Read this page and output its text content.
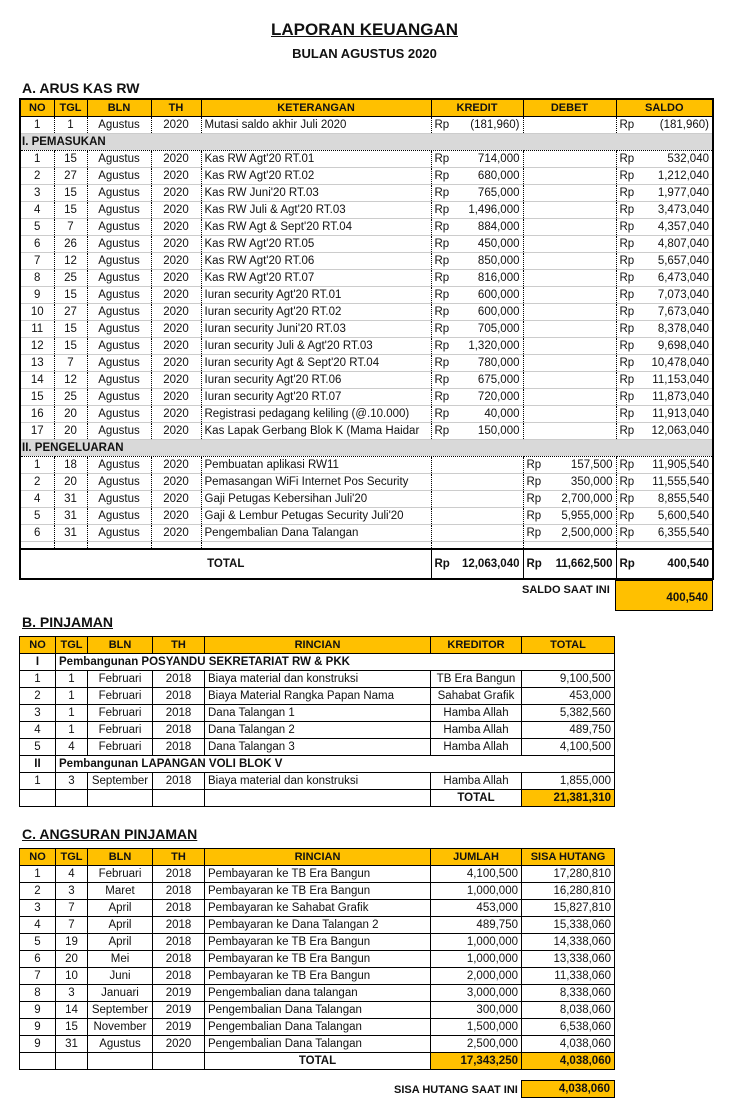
LAPORAN KEUANGAN
BULAN AGUSTUS 2020
A. ARUS KAS RW
NO	TGL	BLN	TH	KETERANGAN	KREDIT	DEBET	SALDO
1	1	Agustus	2020	Mutasi saldo akhir Juli 2020	Rp (181,960)		Rp (181,960)

I. PEMASUKAN							
1	15	Agustus	2020	Kas RW Agt'20 RT.01	Rp 714,000		Rp 532,040

2	27	Agustus	2020	Kas RW Agt'20 RT.02	Rp 680,000		Rp 1,212,040

3	15	Agustus	2020	Kas RW Juni'20 RT.03	Rp 765,000		Rp 1,977,040

4	15	Agustus	2020	Kas RW Juli & Agt'20 RT.03	Rp 1,496,000		Rp 3,473,040

5	7	Agustus	2020	Kas RW Agt & Sept'20 RT.04	Rp 884,000		Rp 4,357,040

6	26	Agustus	2020	Kas RW Agt'20 RT.05	Rp 450,000		Rp 4,807,040

7	12	Agustus	2020	Kas RW Agt'20 RT.06	Rp 850,000		Rp 5,657,040

8	25	Agustus	2020	Kas RW Agt'20 RT.07	Rp 816,000		Rp 6,473,040

9	15	Agustus	2020	Iuran security Agt'20 RT.01	Rp 600,000		Rp 7,073,040

10	27	Agustus	2020	Iuran security Agt'20 RT.02	Rp 600,000		Rp 7,673,040

11	15	Agustus	2020	Iuran security Juni'20 RT.03	Rp 705,000		Rp 8,378,040

12	15	Agustus	2020	Iuran security Juli & Agt'20 RT.03	Rp 1,320,000		Rp 9,698,040

13	7	Agustus	2020	Iuran security Agt & Sept'20 RT.04	Rp 780,000		Rp 10,478,040

14	12	Agustus	2020	Iuran security Agt'20 RT.06	Rp 675,000		Rp 11,153,040

15	25	Agustus	2020	Iuran security Agt'20 RT.07	Rp 720,000		Rp 11,873,040

16	20	Agustus	2020	Registrasi pedagang keliling (@.10.000)	Rp 40,000		Rp 11,913,040

17	20	Agustus	2020	Kas Lapak Gerbang Blok K (Mama Haidar	Rp 150,000		Rp 12,063,040

II. PENGELUARAN							
1	18	Agustus	2020	Pembuatan aplikasi RW11		Rp 157,500	Rp 11,905,540

2	20	Agustus	2020	Pemasangan WiFi Internet Pos Security		Rp 350,000	Rp 11,555,540

4	31	Agustus	2020	Gaji Petugas Kebersihan Juli'20		Rp 2,700,000	Rp 8,855,540

5	31	Agustus	2020	Gaji & Lembur Petugas Security Juli'20		Rp 5,955,000	Rp 5,600,540

6	31	Agustus	2020	Pengembalian Dana Talangan		Rp 2,500,000	Rp 6,355,540

TOTAL					Rp 12,063,040	Rp 11,662,500	Rp 400,540
SALDO SAAT INI
400,540
B. PINJAMAN
NO	TGL	BLN	TH	RINCIAN	KREDITOR	TOTAL
I	Pembangunan POSYANDU SEKRETARIAT RW & PKK					
1	1	Februari	2018	Biaya material dan konstruksi	TB Era Bangun	9,100,500
2	1	Februari	2018	Biaya Material Rangka Papan Nama	Sahabat Grafik	453,000
3	1	Februari	2018	Dana Talangan 1	Hamba Allah	5,382,560
4	1	Februari	2018	Dana Talangan 2	Hamba Allah	489,750
5	4	Februari	2018	Dana Talangan 3	Hamba Allah	4,100,500
II	Pembangunan LAPANGAN VOLI BLOK V					
1	3	September	2018	Biaya material dan konstruksi	Hamba Allah	1,855,000
					TOTAL	21,381,310
C. ANGSURAN PINJAMAN
NO	TGL	BLN	TH	RINCIAN	JUMLAH	SISA HUTANG
1	4	Februari	2018	Pembayaran ke TB Era Bangun	4,100,500	17,280,810
2	3	Maret	2018	Pembayaran ke TB Era Bangun	1,000,000	16,280,810
3	7	April	2018	Pembayaran ke Sahabat Grafik	453,000	15,827,810
4	7	April	2018	Pembayaran ke Dana Talangan 2	489,750	15,338,060
5	19	April	2018	Pembayaran ke TB Era Bangun	1,000,000	14,338,060
6	20	Mei	2018	Pembayaran ke TB Era Bangun	1,000,000	13,338,060
7	10	Juni	2018	Pembayaran ke TB Era Bangun	2,000,000	11,338,060
8	3	Januari	2019	Pengembalian dana talangan	3,000,000	8,338,060
9	14	September	2019	Pengembalian Dana Talangan	300,000	8,038,060
9	15	November	2019	Pengembalian Dana Talangan	1,500,000	6,538,060
9	31	Agustus	2020	Pengembalian Dana Talangan	2,500,000	4,038,060
				TOTAL	17,343,250	4,038,060
SISA HUTANG SAAT INI	4,038,060
